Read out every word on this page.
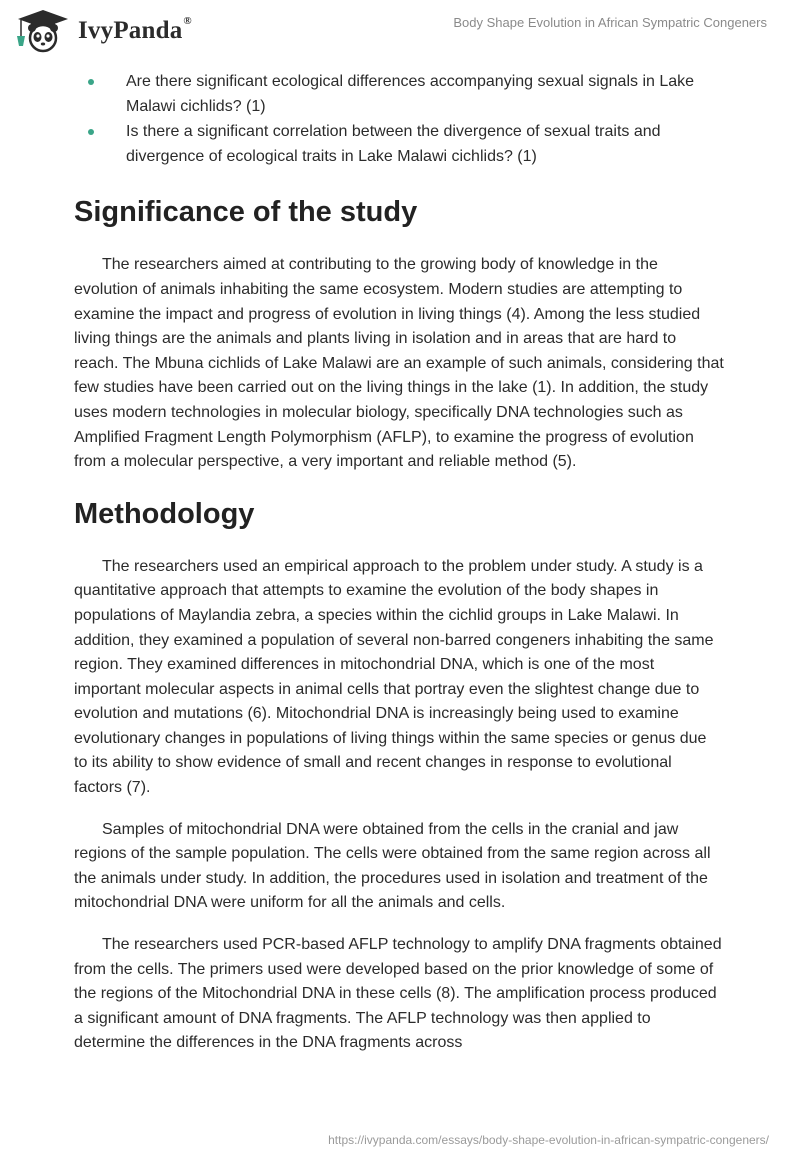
IvyPanda®	Body Shape Evolution in African Sympatric Congeners
Are there significant ecological differences accompanying sexual signals in Lake Malawi cichlids? (1)
Is there a significant correlation between the divergence of sexual traits and divergence of ecological traits in Lake Malawi cichlids? (1)
Significance of the study

The researchers aimed at contributing to the growing body of knowledge in the evolution of animals inhabiting the same ecosystem. Modern studies are attempting to examine the impact and progress of evolution in living things (4). Among the less studied living things are the animals and plants living in isolation and in areas that are hard to reach. The Mbuna cichlids of Lake Malawi are an example of such animals, considering that few studies have been carried out on the living things in the lake (1). In addition, the study uses modern technologies in molecular biology, specifically DNA technologies such as Amplified Fragment Length Polymorphism (AFLP), to examine the progress of evolution from a molecular perspective, a very important and reliable method (5).

Methodology

The researchers used an empirical approach to the problem under study. A study is a quantitative approach that attempts to examine the evolution of the body shapes in populations of Maylandia zebra, a species within the cichlid groups in Lake Malawi. In addition, they examined a population of several non-barred congeners inhabiting the same region. They examined differences in mitochondrial DNA, which is one of the most important molecular aspects in animal cells that portray even the slightest change due to evolution and mutations (6). Mitochondrial DNA is increasingly being used to examine evolutionary changes in populations of living things within the same species or genus due to its ability to show evidence of small and recent changes in response to evolutional factors (7).

Samples of mitochondrial DNA were obtained from the cells in the cranial and jaw regions of the sample population. The cells were obtained from the same region across all the animals under study. In addition, the procedures used in isolation and treatment of the mitochondrial DNA were uniform for all the animals and cells.

The researchers used PCR-based AFLP technology to amplify DNA fragments obtained from the cells. The primers used were developed based on the prior knowledge of some of the regions of the Mitochondrial DNA in these cells (8). The amplification process produced a significant amount of DNA fragments. The AFLP technology was then applied to determine the differences in the DNA fragments across

https://ivypanda.com/essays/body-shape-evolution-in-african-sympatric-congeners/
